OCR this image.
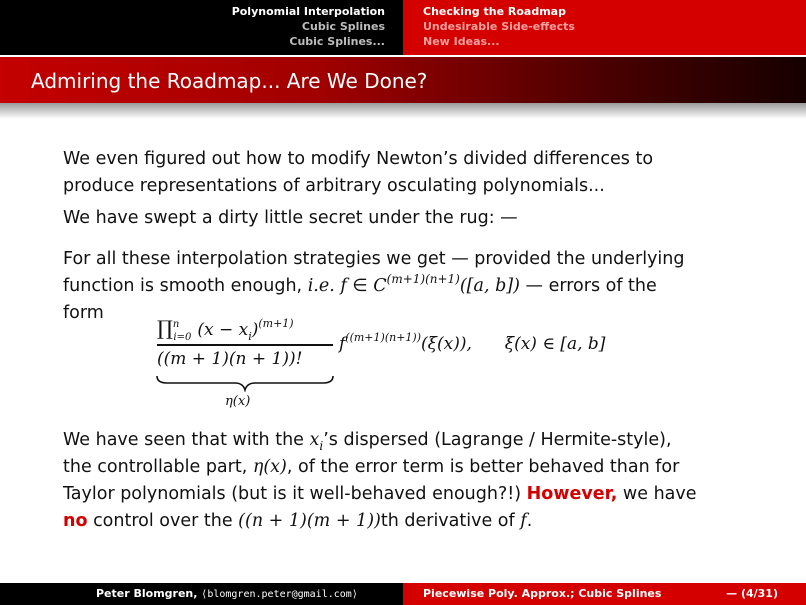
Polynomial Interpolation
Cubic Splines
Cubic Splines...
Checking the Roadmap
Undesirable Side-effects
New Ideas...
Admiring the Roadmap... Are We Done?
We even figured out how to modify Newton’s divided differences to
produce representations of arbitrary osculating polynomials...
We have swept a dirty little secret under the rug: —
For all these interpolation strategies we get — provided the underlying
function is smooth enough, i.e. f ∈ $C^{(m+1)(n+1)}([a$, b]) — errors of the
form
∏$^n_{i=0}$ $(x - x_i)^{(m+1)}$
((m + 1)(n + 1))!
$f^{((m+1)(n+1))}(\xi(x))$, ξ(x) ∈ [a, b]
η(x)
We have seen that with the $x_i’s$ dispersed (Lagrange / Hermite-style),
the controllable part, η(x), of the error term is better behaved than for
Taylor polynomials (but is it well-behaved enough?!) However, we have
no control over the ((n + 1)(m + 1))th derivative of f.
Peter Blomgren, ⟨blomgren.peter@gmail.com⟩	Piecewise Poly. Approx.; Cubic Splines	— (4/31)
